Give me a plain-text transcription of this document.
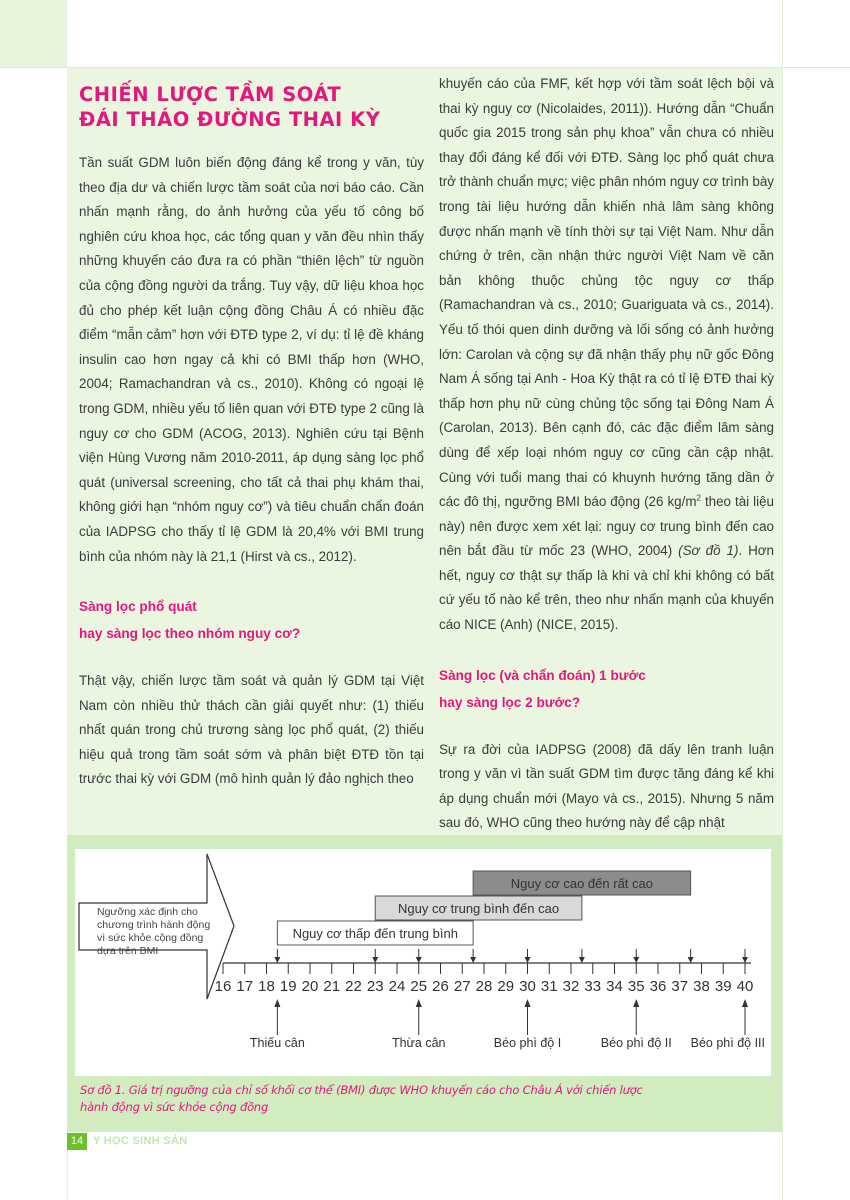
CHIẾN LƯỢC TẦM SOÁT
ĐÁI THÁO ĐƯỜNG THAI KỲ

Tần suất GDM luôn biến động đáng kể trong y văn, tùy theo địa dư và chiến lược tầm soát của nơi báo cáo. Cần nhấn mạnh rằng, do ảnh hưởng của yếu tố công bố nghiên cứu khoa học, các tổng quan y văn đều nhìn thấy những khuyến cáo đưa ra có phần “thiên lệch” từ nguồn của cộng đồng người da trắng. Tuy vậy, dữ liệu khoa học đủ cho phép kết luận cộng đồng Châu Á có nhiều đặc điểm “mẫn cảm” hơn với ĐTĐ type 2, ví dụ: tỉ lệ đề kháng insulin cao hơn ngay cả khi có BMI thấp hơn (WHO, 2004; Ramachandran và cs., 2010). Không có ngoại lệ trong GDM, nhiều yếu tố liên quan với ĐTĐ type 2 cũng là nguy cơ cho GDM (ACOG, 2013). Nghiên cứu tại Bệnh viện Hùng Vương năm 2010-2011, áp dụng sàng lọc phổ quát (universal screening, cho tất cả thai phụ khám thai, không giới hạn “nhóm nguy cơ”) và tiêu chuẩn chẩn đoán của IADPSG cho thấy tỉ lệ GDM là 20,4% với BMI trung bình của nhóm này là 21,1 (Hirst và cs., 2012).

Sàng lọc phổ quát
hay sàng lọc theo nhóm nguy cơ?

Thật vậy, chiến lược tầm soát và quản lý GDM tại Việt Nam còn nhiều thử thách cần giải quyết như: (1) thiếu nhất quán trong chủ trương sàng lọc phổ quát, (2) thiếu hiệu quả trong tầm soát sớm và phân biệt ĐTĐ tồn tại trước thai kỳ với GDM (mô hình quản lý đảo nghịch theo

khuyến cáo của FMF, kết hợp với tầm soát lệch bội và thai kỳ nguy cơ (Nicolaides, 2011)). Hướng dẫn “Chuẩn quốc gia 2015 trong sản phụ khoa” vẫn chưa có nhiều thay đổi đáng kể đối với ĐTĐ. Sàng lọc phổ quát chưa trở thành chuẩn mực; việc phân nhóm nguy cơ trình bày trong tài liệu hướng dẫn khiến nhà lâm sàng không được nhấn mạnh về tính thời sự tại Việt Nam. Như dẫn chứng ở trên, cần nhận thức người Việt Nam về căn bản không thuộc chủng tộc nguy cơ thấp (Ramachandran và cs., 2010; Guariguata và cs., 2014). Yếu tố thói quen dinh dưỡng và lối sống có ảnh hưởng lớn: Carolan và cộng sự đã nhận thấy phụ nữ gốc Đông Nam Á sống tại Anh - Hoa Kỳ thật ra có tỉ lệ ĐTĐ thai kỳ thấp hơn phụ nữ cùng chủng tộc sống tại Đông Nam Á (Carolan, 2013). Bên cạnh đó, các đặc điểm lâm sàng dùng để xếp loại nhóm nguy cơ cũng cần cập nhật. Cùng với tuổi mang thai có khuynh hướng tăng dần ở các đô thị, ngưỡng BMI báo động (26 $kg/m^2$ theo tài liệu này) nên được xem xét lại: nguy cơ trung bình đến cao nên bắt đầu từ mốc 23 (WHO, 2004) (Sơ đồ 1). Hơn hết, nguy cơ thật sự thấp là khi và chỉ khi không có bất cứ yếu tố nào kể trên, theo như nhấn mạnh của khuyến cáo NICE (Anh) (NICE, 2015).

Sàng lọc (và chẩn đoán) 1 bước
hay sàng lọc 2 bước?

Sự ra đời của IADPSG (2008) đã dấy lên tranh luận trong y văn vì tần suất GDM tìm được tăng đáng kể khi áp dụng chuẩn mới (Mayo và cs., 2015). Nhưng 5 năm sau đó, WHO cũng theo hướng này để cập nhật

Ngưỡng xác định cho
chương trình hành động
vì sức khỏe cộng đồng
dựa trên BMI
Nguy cơ thấp đến trung bình
Nguy cơ trung bình đến cao
Nguy cơ cao đến rất cao
16 17 18 19 20 21 22 23 24 25 26 27 28 29 30 31 32 33 34 35 36 37 38 39 40
Thiếu cân	Thừa cân	Béo phì độ I	Béo phì độ II Béo phì độ III
Sơ đồ 1. Giá trị ngưỡng của chỉ số khối cơ thể (BMI) được WHO khuyến cáo cho Châu Á với chiến lược
hành động vì sức khỏe cộng đồng
14 Y HỌC SINH SẢN
